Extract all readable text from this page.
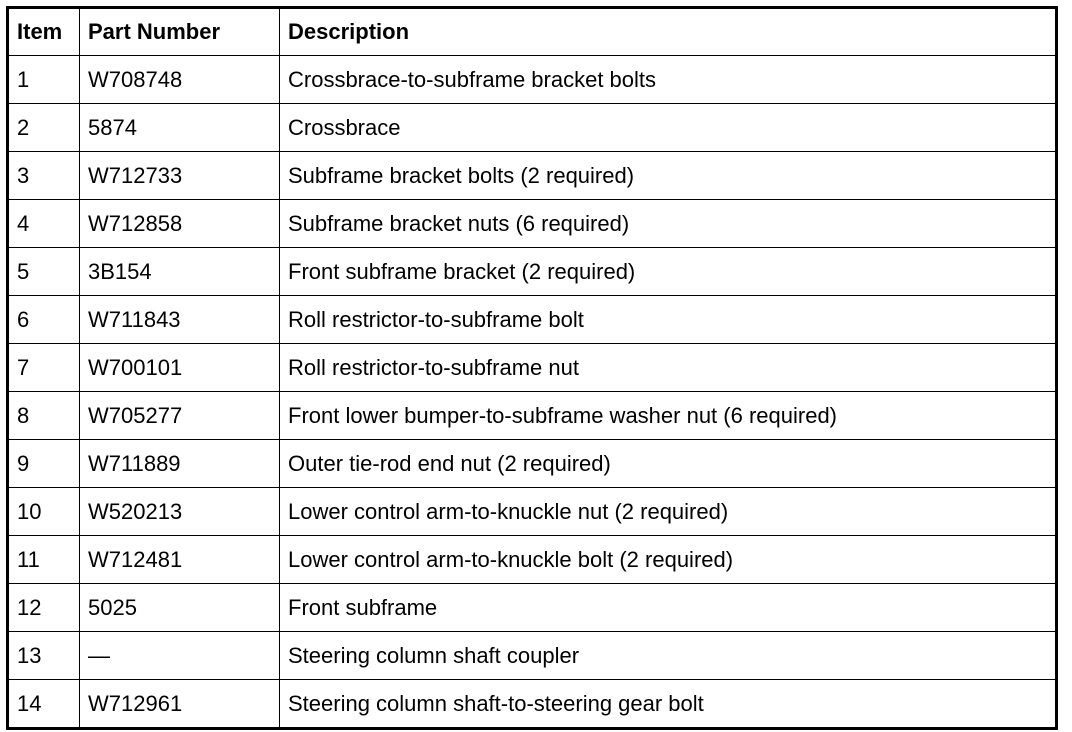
Item	Part Number	Description
1	W708748	Crossbrace-to-subframe bracket bolts
2	5874	Crossbrace
3	W712733	Subframe bracket bolts (2 required)
4	W712858	Subframe bracket nuts (6 required)
5	3B154	Front subframe bracket (2 required)
6	W711843	Roll restrictor-to-subframe bolt
7	W700101	Roll restrictor-to-subframe nut
8	W705277	Front lower bumper-to-subframe washer nut (6 required)
9	W711889	Outer tie-rod end nut (2 required)
10	W520213	Lower control arm-to-knuckle nut (2 required)
11	W712481	Lower control arm-to-knuckle bolt (2 required)
12	5025	Front subframe
13	—	Steering column shaft coupler
14	W712961	Steering column shaft-to-steering gear bolt
